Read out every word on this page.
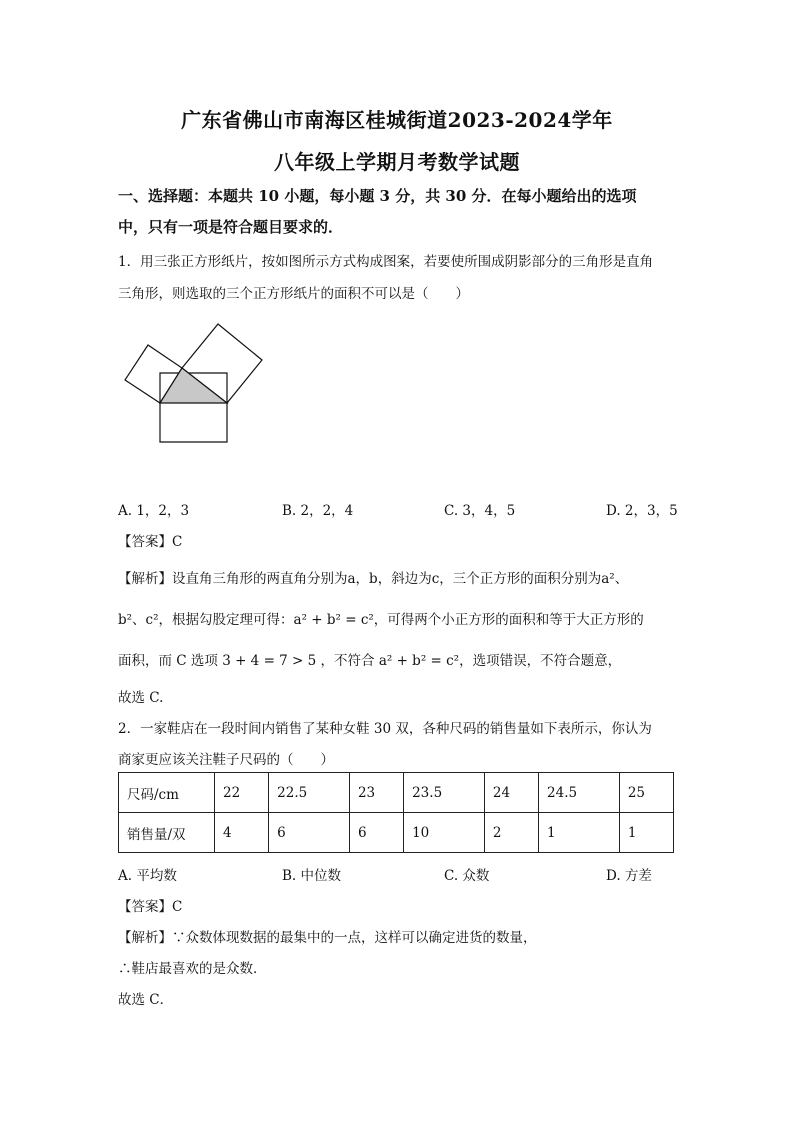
广东省佛山市南海区桂城街道2023-2024学年
八年级上学期月考数学试题
一、选择题：本题共 10 小题，每小题 3 分，共 30 分．在每小题给出的选项
中，只有一项是符合题目要求的．
1．用三张正方形纸片，按如图所示方式构成图案，若要使所围成阴影部分的三角形是直角
三角形，则选取的三个正方形纸片的面积不可以是（　　）
A. 1，2，3	B. 2，2，4	C. 3，4，5	D. 2，3，5
【答案】C
【解析】设直角三角形的两直角分别为a，b，斜边为c，三个正方形的面积分别为a²、
b²、c²，根据勾股定理可得：a² + b² = c²，可得两个小正方形的面积和等于大正方形的
面积，而 C 选项 3 + 4 = 7 > 5 ，不符合 a² + b² = c²，选项错误，不符合题意，
故选 C.
2．一家鞋店在一段时间内销售了某种女鞋 30 双，各种尺码的销售量如下表所示，你认为
商家更应该关注鞋子尺码的（　　）
尺码/cm	22	22.5	23	23.5	24	24.5	25
销售量/双	4	6	6	10	2	1	1
A. 平均数	B. 中位数	C. 众数	D. 方差
【答案】C
【解析】∵众数体现数据的最集中的一点，这样可以确定进货的数量，
∴鞋店最喜欢的是众数．
故选 C．
